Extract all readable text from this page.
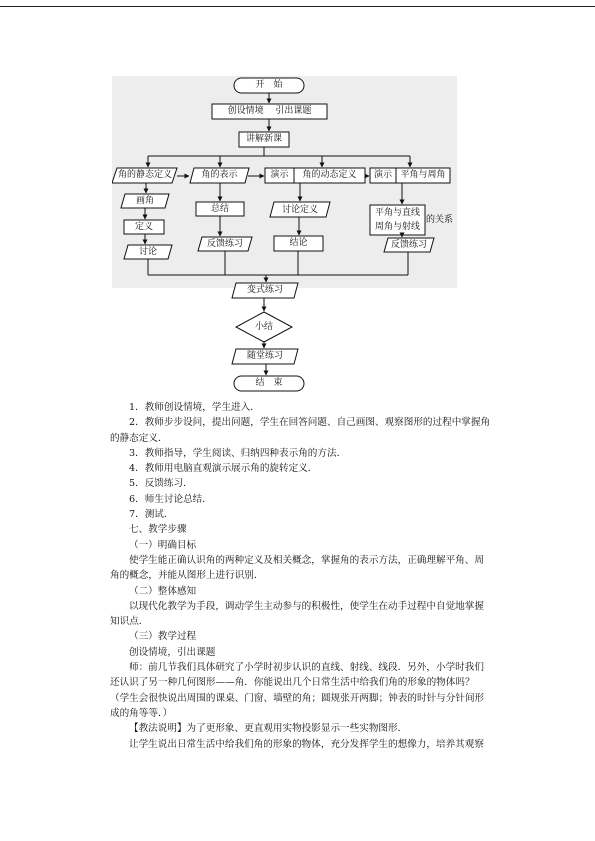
开　始
创设情境　 引出课题
讲解新课
角的静态定义
画角
定义
讨论
角的表示
总结
反馈练习
演示	角的动态定义
讨论定义
结论
演示 平角与周角
平角与直线
周角与射线
的关系
反馈练习
变式练习
小结
随堂练习
结　束

1．教师创设情境，学生进入．

2．教师步步设问，提出问题，学生在回答问题、自己画图、观察图形的过程中掌握角

的静态定义．

3．教师指导，学生阅读、归纳四种表示角的方法．

4．教师用电脑直观演示展示角的旋转定义．

5．反馈练习．

6．师生讨论总结．

7．测试．

七、教学步骤

（一）明确目标

使学生能正确认识角的两种定义及相关概念，掌握角的表示方法，正确理解平角、周

角的概念，并能从图形上进行识别．

（二）整体感知

以现代化教学为手段，调动学生主动参与的积极性，使学生在动手过程中自觉地掌握

知识点．

（三）教学过程

创设情境，引出课题

师：前几节我们具体研究了小学时初步认识的直线、射线、线段．另外，小学时我们

还认识了另一种几何图形——角．你能说出几个日常生活中给我们角的形象的物体吗？

（学生会很快说出周围的课桌、门窗、墙壁的角；圆规张开两脚；钟表的时针与分针间形

成的角等等．）

【教法说明】为了更形象、更直观用实物投影显示一些实物图形．

让学生说出日常生活中给我们角的形象的物体，充分发挥学生的想像力，培养其观察
